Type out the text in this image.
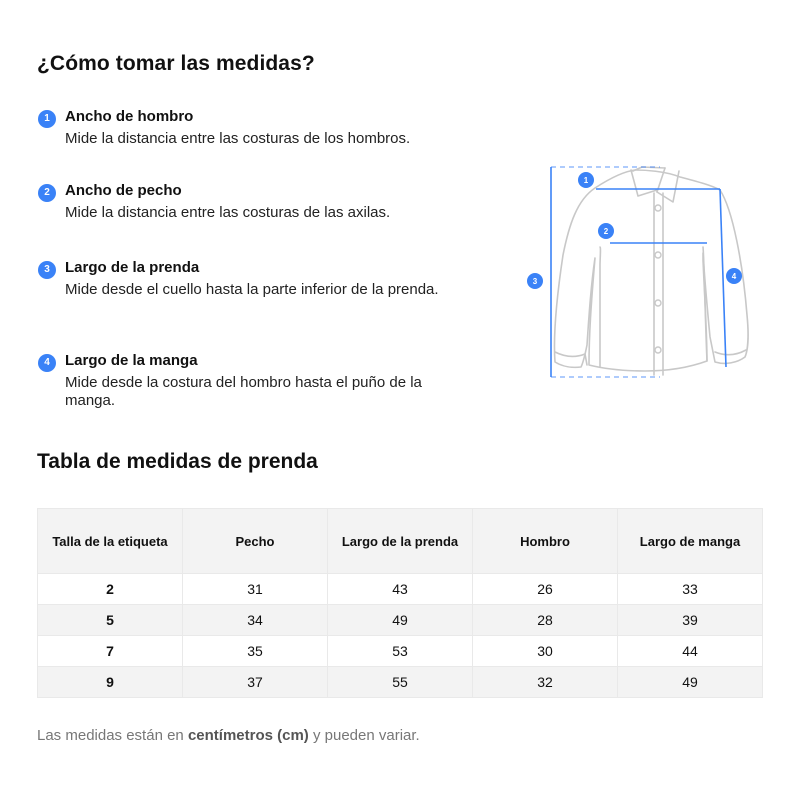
¿Cómo tomar las medidas?
1	Ancho de hombro
Mide la distancia entre las costuras de los hombros.
2	Ancho de pecho
Mide la distancia entre las costuras de las axilas.
3	Largo de la prenda
Mide desde el cuello hasta la parte inferior de la prenda.
4	Largo de la manga
Mide desde la costura del hombro hasta el puño de la manga.
1
2
3
4
Tabla de medidas de prenda
Talla de la etiqueta	Pecho	Largo de la prenda	Hombro	Largo de manga
2	31	43	26	33
5	34	49	28	39
7	35	53	30	44
9	37	55	32	49
Las medidas están en centímetros (cm) y pueden variar.
